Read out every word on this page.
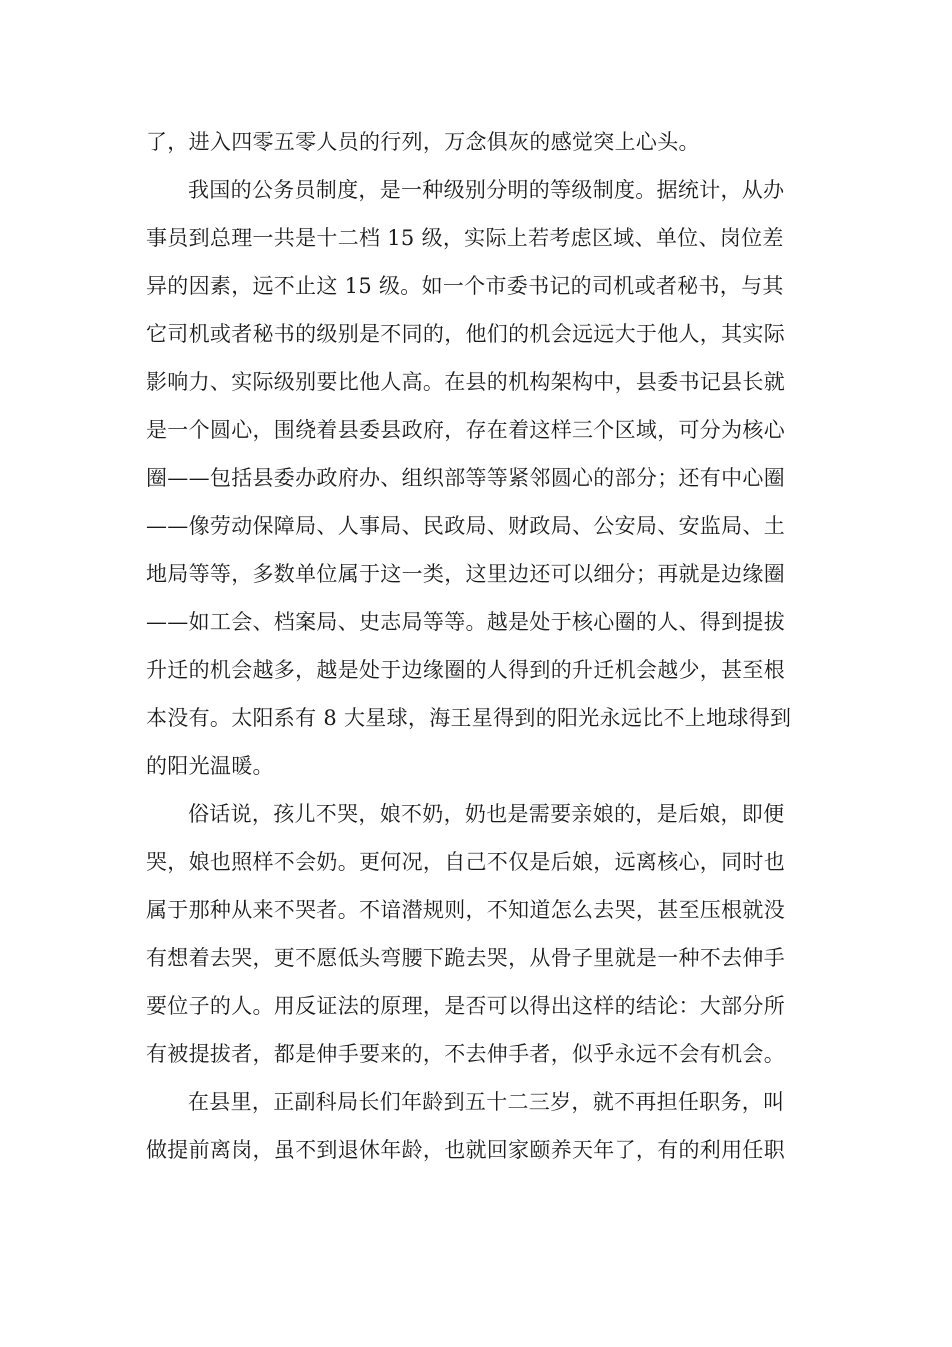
了，进入四零五零人员的行列，万念俱灰的感觉突上心头。
我国的公务员制度，是一种级别分明的等级制度。据统计，从办
事员到总理一共是十二档 15 级，实际上若考虑区域、单位、岗位差
异的因素，远不止这 15 级。如一个市委书记的司机或者秘书，与其
它司机或者秘书的级别是不同的，他们的机会远远大于他人，其实际
影响力、实际级别要比他人高。在县的机构架构中，县委书记县长就
是一个圆心，围绕着县委县政府，存在着这样三个区域，可分为核心
圈——包括县委办政府办、组织部等等紧邻圆心的部分；还有中心圈
——像劳动保障局、人事局、民政局、财政局、公安局、安监局、土
地局等等，多数单位属于这一类，这里边还可以细分；再就是边缘圈
——如工会、档案局、史志局等等。越是处于核心圈的人、得到提拔
升迁的机会越多，越是处于边缘圈的人得到的升迁机会越少，甚至根
本没有。太阳系有 8 大星球，海王星得到的阳光永远比不上地球得到
的阳光温暖。
俗话说，孩儿不哭，娘不奶，奶也是需要亲娘的，是后娘，即便
哭，娘也照样不会奶。更何况，自己不仅是后娘，远离核心，同时也
属于那种从来不哭者。不谙潜规则，不知道怎么去哭，甚至压根就没
有想着去哭，更不愿低头弯腰下跪去哭，从骨子里就是一种不去伸手
要位子的人。用反证法的原理，是否可以得出这样的结论：大部分所
有被提拔者，都是伸手要来的，不去伸手者，似乎永远不会有机会。
在县里，正副科局长们年龄到五十二三岁，就不再担任职务，叫
做提前离岗，虽不到退休年龄，也就回家颐养天年了，有的利用任职
